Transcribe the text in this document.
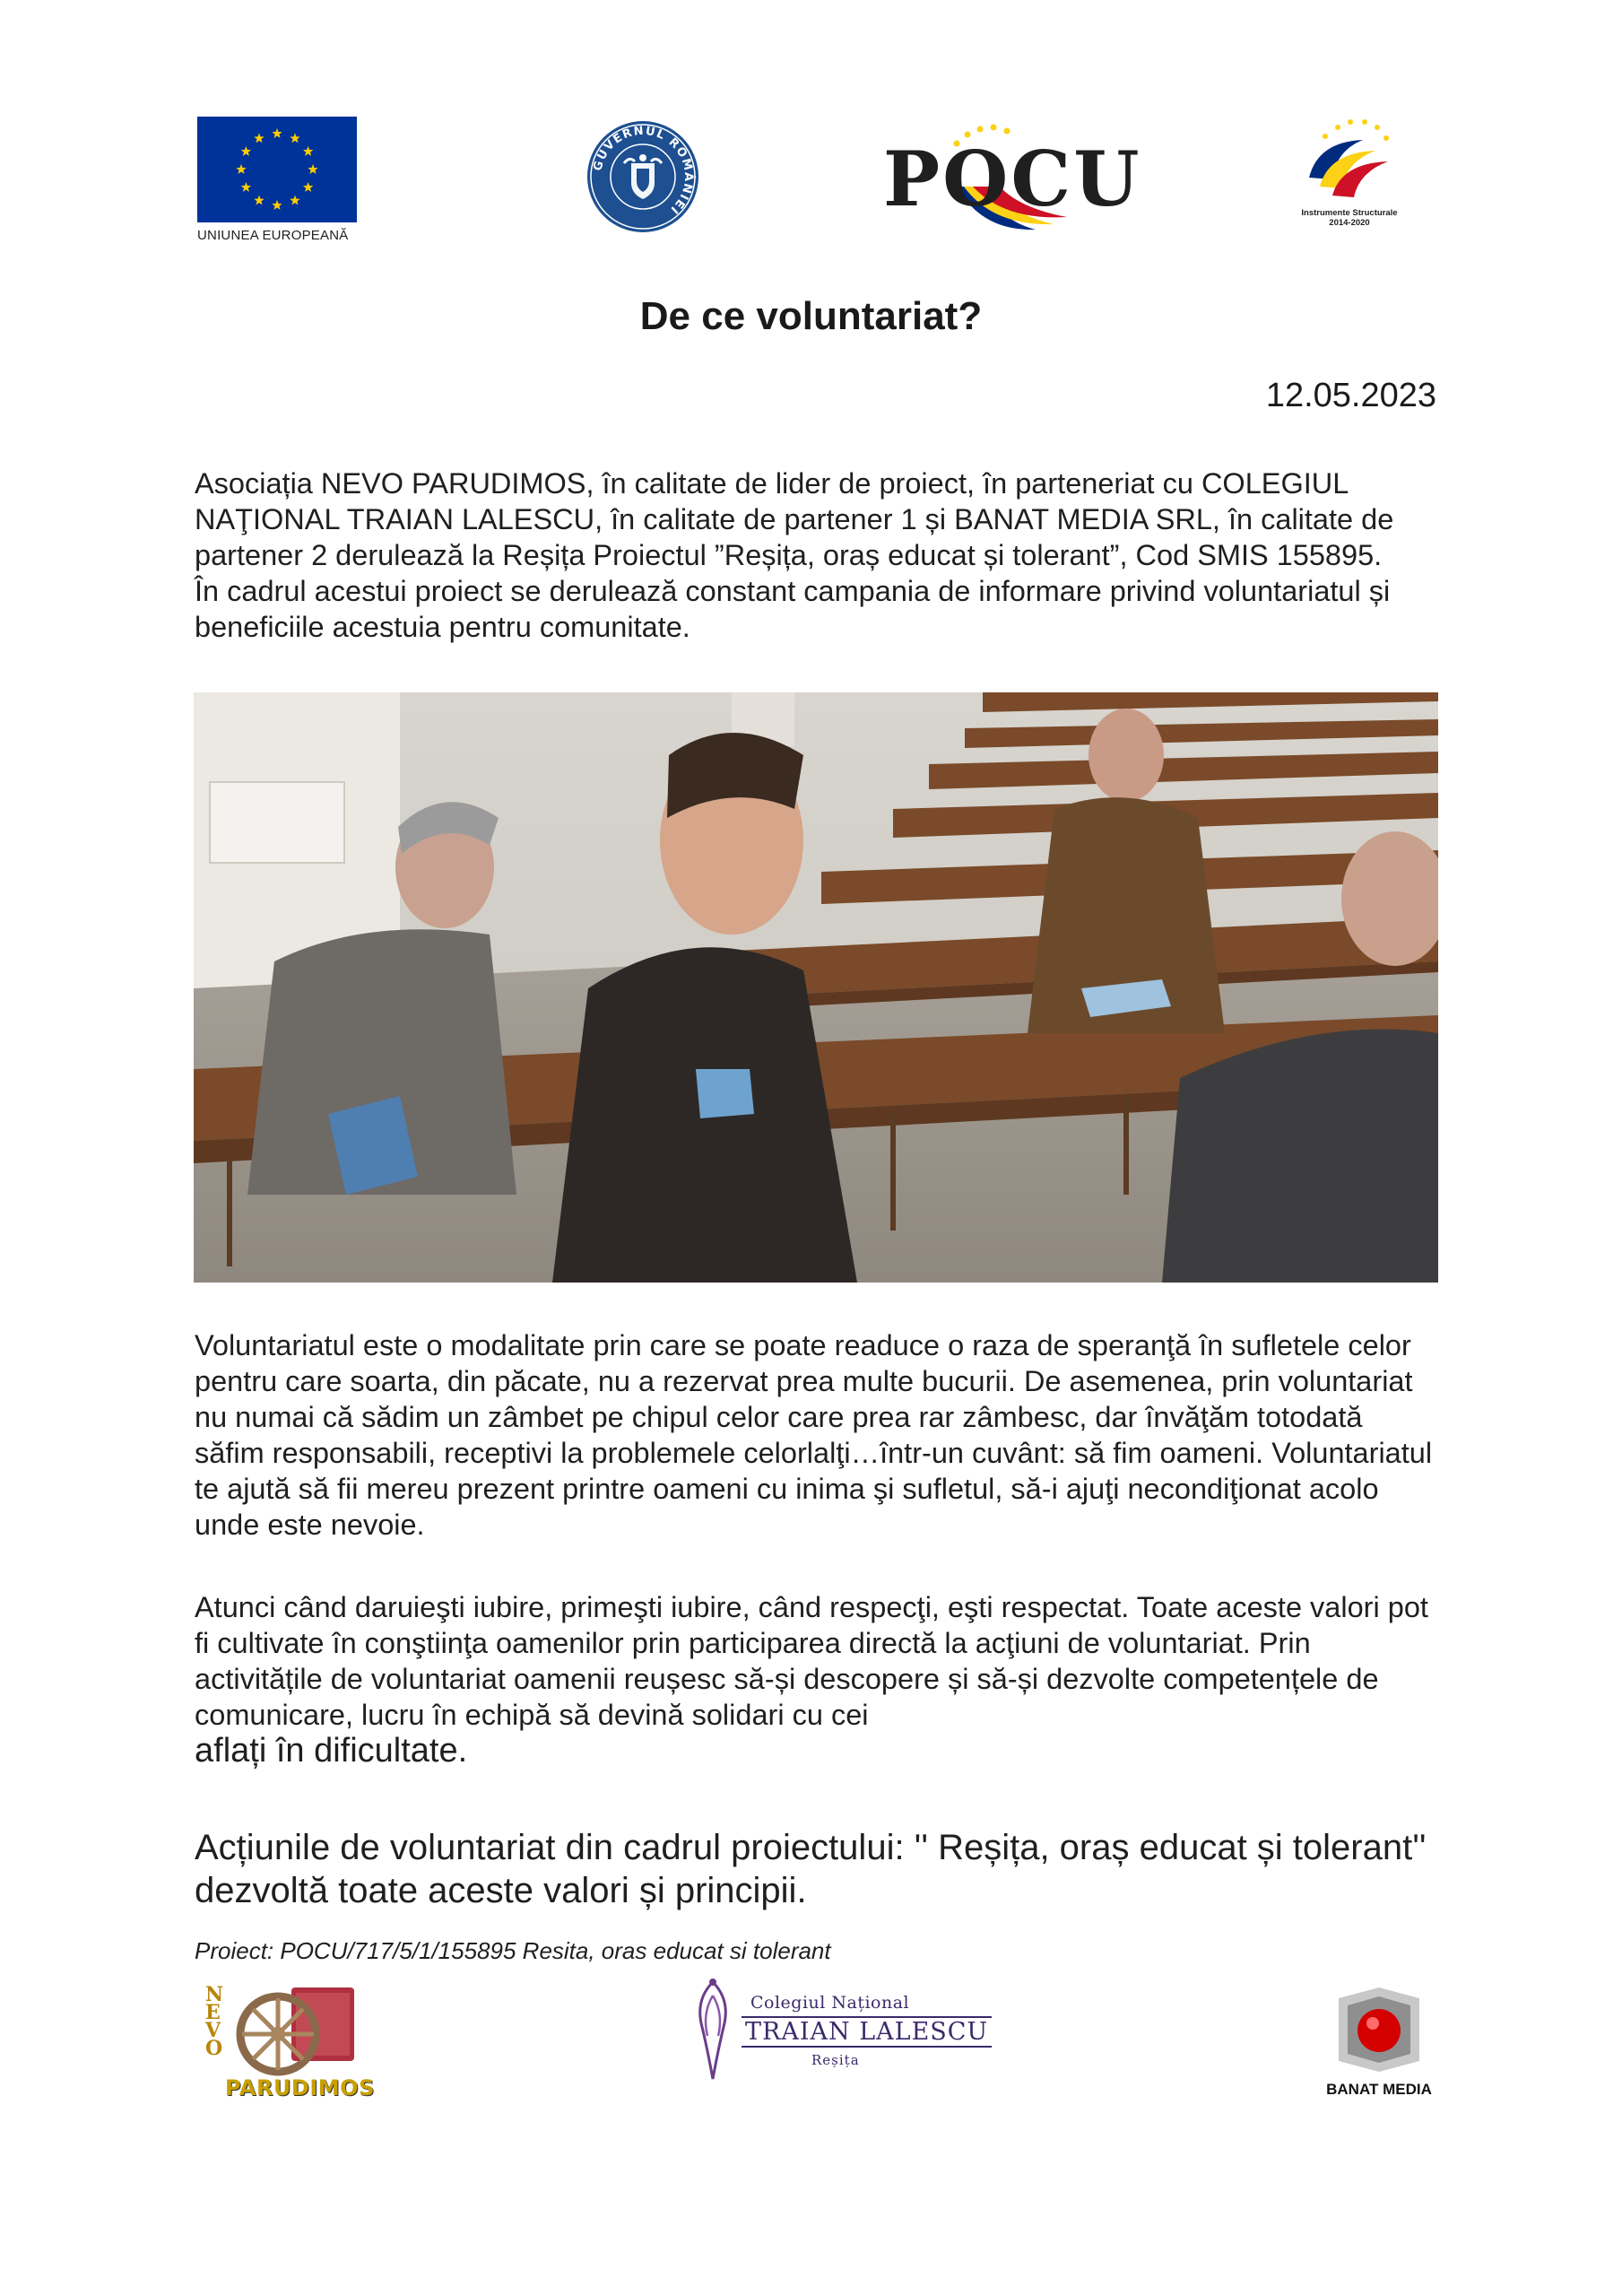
UNIUNEA EUROPEANĂ
GUVERNUL ROMÂNIEI	POCU	Instrumente Structurale
2014-2020
De ce voluntariat?
12.05.2023

Asociația NEVO PARUDIMOS, în calitate de lider de proiect, în parteneriat cu COLEGIUL NAŢIONAL TRAIAN LALESCU, în calitate de partener 1 și BANAT MEDIA SRL, în calitate de partener 2 derulează la Reșița Proiectul ”Reșița, oraș educat și tolerant”, Cod SMIS 155895.

În cadrul acestui proiect se derulează constant campania de informare privind voluntariatul și beneficiile acestuia pentru comunitate.

Voluntariatul este o modalitate prin care se poate readuce o raza de speranţă în sufletele celor pentru care soarta, din păcate, nu a rezervat prea multe bucurii. De asemenea, prin voluntariat nu numai că sădim un zâmbet pe chipul celor care prea rar zâmbesc, dar învăţăm totodată săfim responsabili, receptivi la problemele celorlalţi…într-un cuvânt: să fim oameni. Voluntariatul te ajută să fii mereu prezent printre oameni cu inima şi sufletul, să-i ajuţi necondiţionat acolo unde este nevoie.
Atunci când daruieşti iubire, primeşti iubire, când respecţi, eşti respectat. Toate aceste valori pot fi cultivate în conştiinţa oamenilor prin participarea directă la acţiuni de voluntariat. Prin activitățile de voluntariat oamenii reușesc să-și descopere și să-și dezvolte competențele de comunicare, lucru în echipă să devină solidari cu cei
aflați în dificultate.
Acțiunile de voluntariat din cadrul proiectului: '' Reșița, oraș educat și tolerant'' dezvoltă toate aceste valori și principii.
Proiect: POCU/717/5/1/155895 Resita, oras educat si tolerant
NEVO
PARUDIMOS
Colegiul Național
TRAIAN LALESCU
Reșița
BANAT MEDIA
